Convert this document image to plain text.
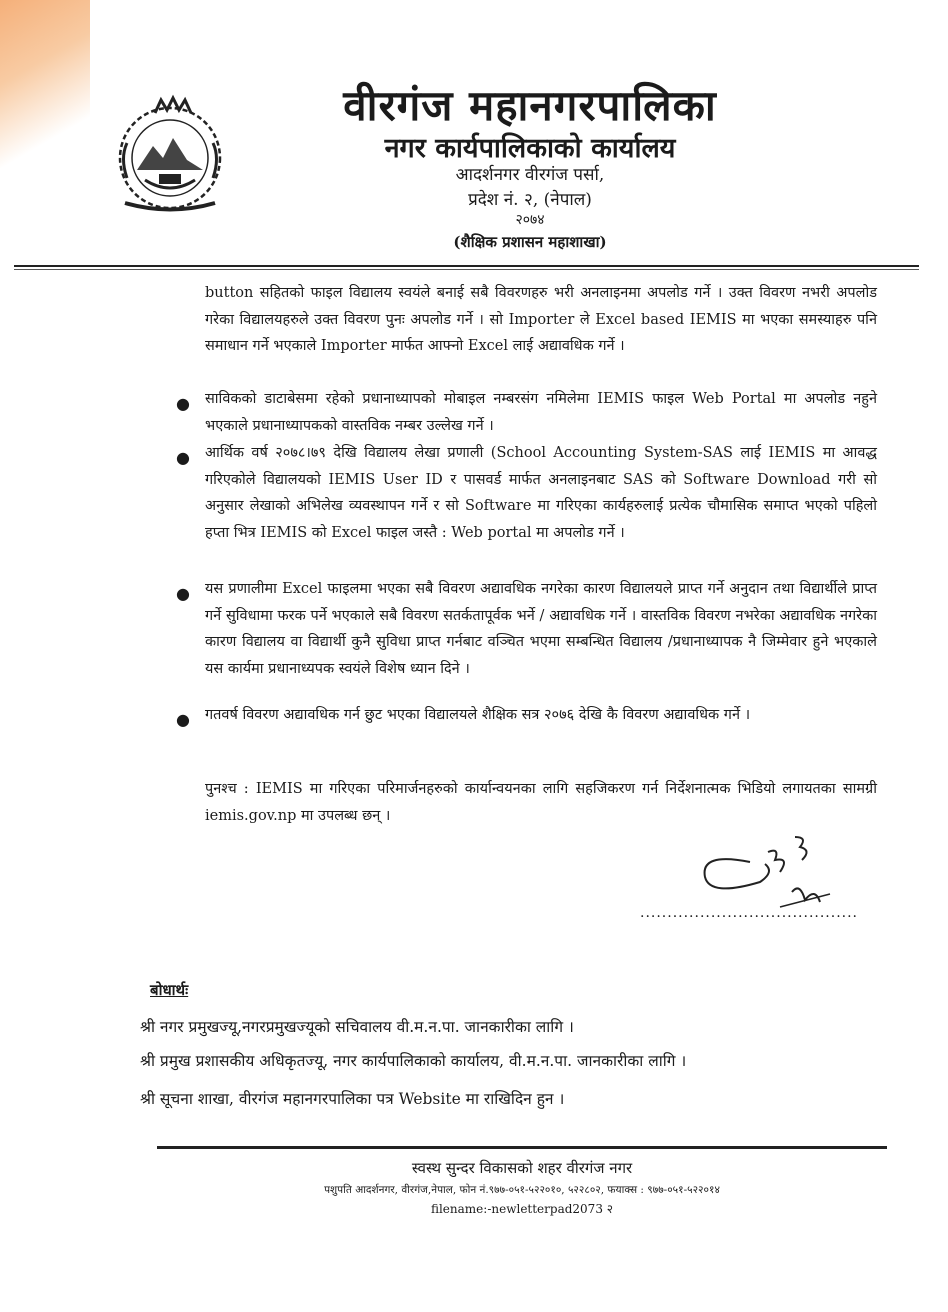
वीरगंज महानगरपालिका
नगर कार्यपालिकाको कार्यालय
आदर्शनगर वीरगंज पर्सा,
प्रदेश नं. २, (नेपाल)
२०७४
(शैक्षिक प्रशासन महाशाखा)
button सहितको फाइल विद्यालय स्वयंले बनाई सबै विवरणहरु भरी अनलाइनमा अपलोड गर्ने । उक्त विवरण नभरी अपलोड गरेका विद्यालयहरुले उक्त विवरण पुनः अपलोड गर्ने । सो Importer ले Excel based IEMIS मा भएका समस्याहरु पनि समाधान गर्ने भएकाले Importer मार्फत आफ्नो Excel लाई अद्यावधिक गर्ने ।
● साविकको डाटाबेसमा रहेको प्रधानाध्यापको मोबाइल नम्बरसंग नमिलेमा IEMIS फाइल Web Portal मा अपलोड नहुने भएकाले प्रधानाध्यापकको वास्तविक नम्बर उल्लेख गर्ने ।
● आर्थिक वर्ष २०७८।७९ देखि विद्यालय लेखा प्रणाली (School Accounting System-SAS लाई IEMIS मा आवद्ध गरिएकोले विद्यालयको IEMIS User ID र पासवर्ड मार्फत अनलाइनबाट SAS को Software Download गरी सो अनुसार लेखाको अभिलेख व्यवस्थापन गर्ने र सो Software मा गरिएका कार्यहरुलाई प्रत्येक चौमासिक समाप्त भएको पहिलो हप्ता भित्र IEMIS को Excel फाइल जस्तै : Web portal मा अपलोड गर्ने ।
● यस प्रणालीमा Excel फाइलमा भएका सबै विवरण अद्यावधिक नगरेका कारण विद्यालयले प्राप्त गर्ने अनुदान तथा विद्यार्थीले प्राप्त गर्ने सुविधामा फरक पर्ने भएकाले सबै विवरण सतर्कतापूर्वक भर्ने / अद्यावधिक गर्ने । वास्तविक विवरण नभरेका अद्यावधिक नगरेका कारण विद्यालय वा विद्यार्थी कुनै सुविधा प्राप्त गर्नबाट वञ्चित भएमा सम्बन्धित विद्यालय /प्रधानाध्यापक नै जिम्मेवार हुने भएकाले यस कार्यमा प्रधानाध्यपक स्वयंले विशेष ध्यान दिने ।
● गतवर्ष विवरण अद्यावधिक गर्न छुट भएका विद्यालयले शैक्षिक सत्र २०७६ देखि कै विवरण अद्यावधिक गर्ने ।
पुनश्च : IEMIS मा गरिएका परिमार्जनहरुको कार्यान्वयनका लागि सहजिकरण गर्न निर्देशनात्मक भिडियो लगायतका सामग्री iemis.gov.np मा उपलब्ध छन् ।
........................................
बोधार्थः
श्री नगर प्रमुखज्यू,नगरप्रमुखज्यूको सचिवालय वी.म.न.पा. जानकारीका लागि ।
श्री प्रमुख प्रशासकीय अधिकृतज्यू, नगर कार्यपालिकाको कार्यालय, वी.म.न.पा. जानकारीका लागि ।
श्री सूचना शाखा, वीरगंज महानगरपालिका पत्र Website मा राखिदिन हुन ।
स्वस्थ सुन्दर विकासको शहर वीरगंज नगर
पशुपति आदर्शनगर, वीरगंज,नेपाल, फोन नं.९७७-०५१-५२२०१०, ५२२८०२, फयाक्स : ९७७-०५१-५२२०१४
filename:-newletterpad2073 २
